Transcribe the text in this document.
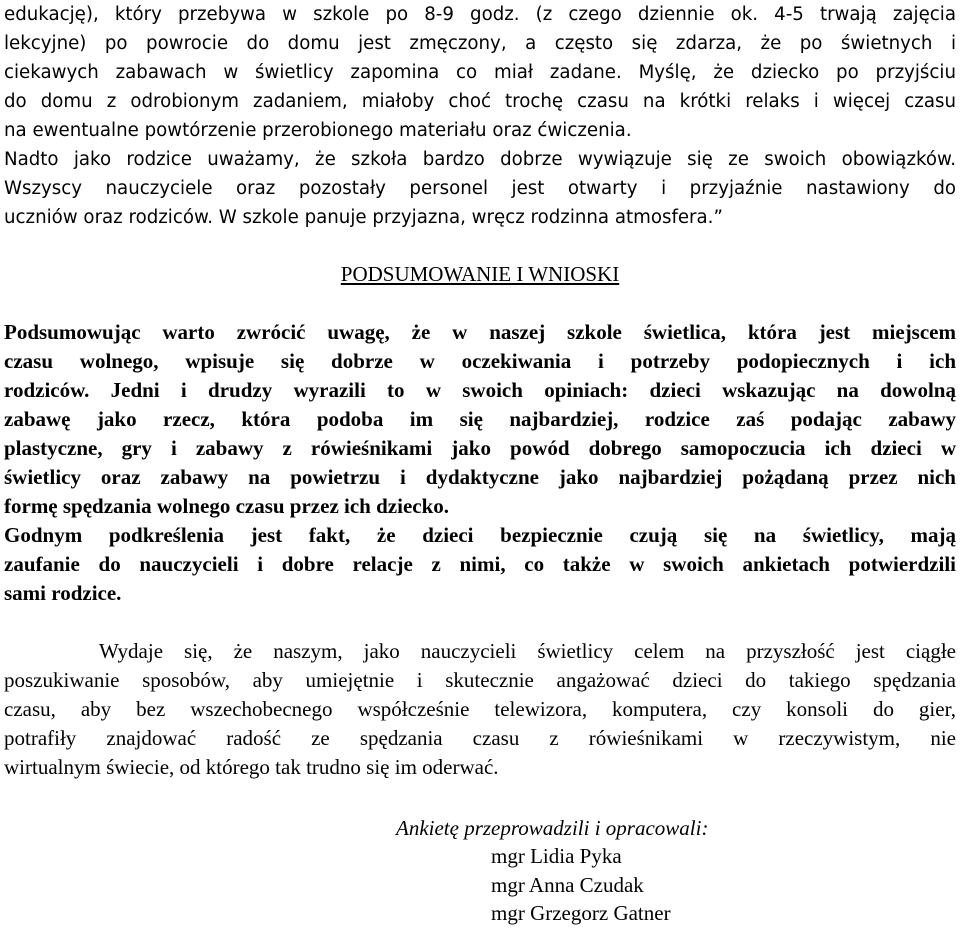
edukację), który przebywa w szkole po 8-9 godz. (z czego dziennie ok. 4-5 trwają zajęcia
lekcyjne) po powrocie do domu jest zmęczony, a często się zdarza, że po świetnych i
ciekawych zabawach w świetlicy zapomina co miał zadane. Myślę, że dziecko po przyjściu
do domu z odrobionym zadaniem, miałoby choć trochę czasu na krótki relaks i więcej czasu
na ewentualne powtórzenie przerobionego materiału oraz ćwiczenia.
Nadto jako rodzice uważamy, że szkoła bardzo dobrze wywiązuje się ze swoich obowiązków.
Wszyscy nauczyciele oraz pozostały personel jest otwarty i przyjaźnie nastawiony do
uczniów oraz rodziców. W szkole panuje przyjazna, wręcz rodzinna atmosfera.”
PODSUMOWANIE I WNIOSKI
Podsumowując warto zwrócić uwagę, że w naszej szkole świetlica, która jest miejscem
czasu wolnego, wpisuje się dobrze w oczekiwania i potrzeby podopiecznych i ich
rodziców. Jedni i drudzy wyrazili to w swoich opiniach: dzieci wskazując na dowolną
zabawę jako rzecz, która podoba im się najbardziej, rodzice zaś podając zabawy
plastyczne, gry i zabawy z rówieśnikami jako powód dobrego samopoczucia ich dzieci w
świetlicy oraz zabawy na powietrzu i dydaktyczne jako najbardziej pożądaną przez nich
formę spędzania wolnego czasu przez ich dziecko.
Godnym podkreślenia jest fakt, że dzieci bezpiecznie czują się na świetlicy, mają
zaufanie do nauczycieli i dobre relacje z nimi, co także w swoich ankietach potwierdzili
sami rodzice.
Wydaje się, że naszym, jako nauczycieli świetlicy celem na przyszłość jest ciągłe
poszukiwanie sposobów, aby umiejętnie i skutecznie angażować dzieci do takiego spędzania
czasu, aby bez wszechobecnego współcześnie telewizora, komputera, czy konsoli do gier,
potrafiły znajdować radość ze spędzania czasu z rówieśnikami w rzeczywistym, nie
wirtualnym świecie, od którego tak trudno się im oderwać.
Ankietę przeprowadzili i opracowali:
mgr Lidia Pyka
mgr Anna Czudak
mgr Grzegorz Gatner
